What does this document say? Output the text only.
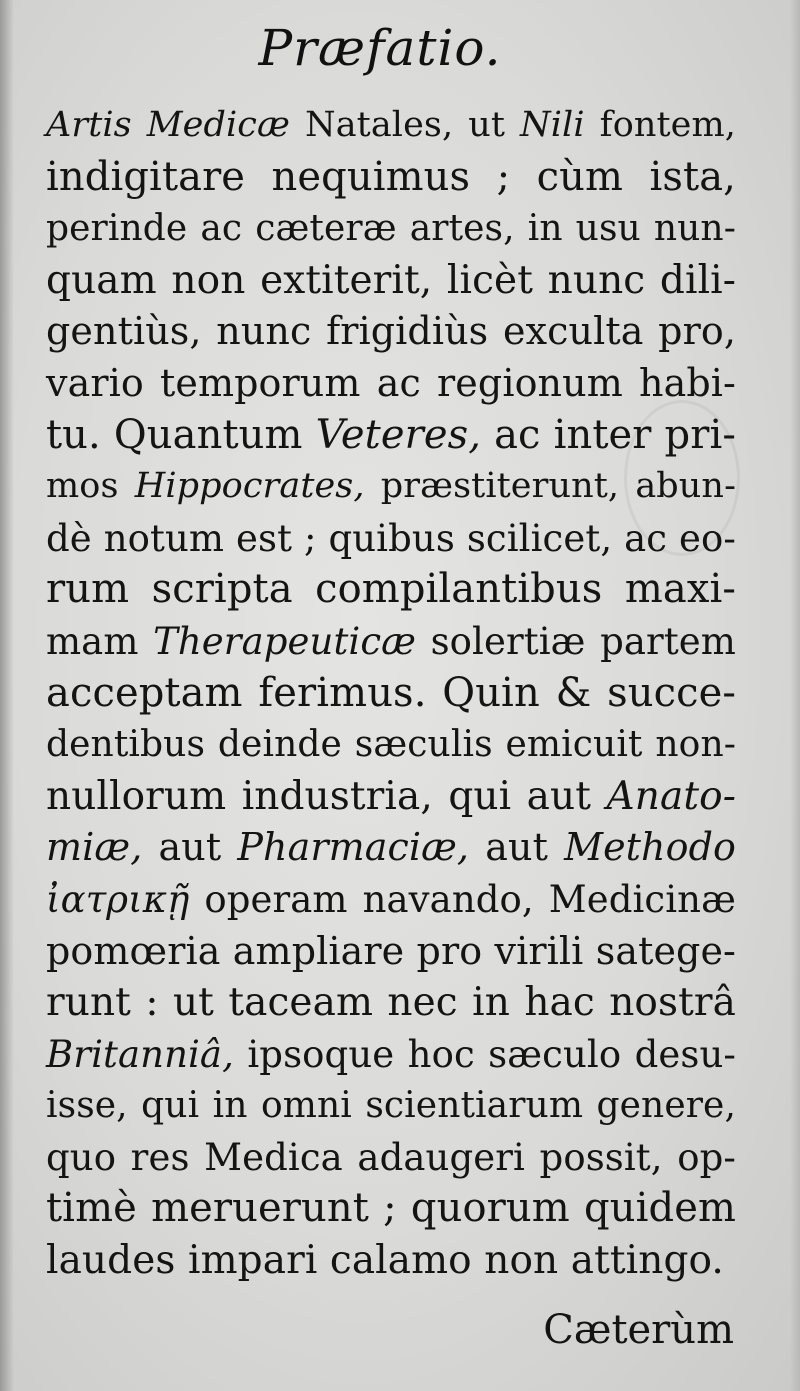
Præfatio.
Artis Medicæ Natales, ut Nili fontem,
indigitare nequimus ; cùm ista,
perinde ac cæteræ artes, in usu nun-
quam non extiterit, licèt nunc dili-
gentiùs, nunc frigidiùs exculta pro,
vario temporum ac regionum habi-
tu. Quantum Veteres, ac inter pri-
mos Hippocrates, præstiterunt, abun-
dè notum est ; quibus scilicet, ac eo-
rum scripta compilantibus maxi-
mam Therapeuticæ solertiæ partem
acceptam ferimus. Quin & succe-
dentibus deinde sæculis emicuit non-
nullorum industria, qui aut Anato-
miæ, aut Pharmaciæ, aut Methodo
ἰατρικῇ operam navando, Medicinæ
pomœria ampliare pro virili satege-
runt : ut taceam nec in hac nostrâ
Britanniâ, ipsoque hoc sæculo desu-
isse, qui in omni scientiarum genere,
quo res Medica adaugeri possit, op-
timè meruerunt ; quorum quidem
laudes impari calamo non attingo.
Cæterùm
